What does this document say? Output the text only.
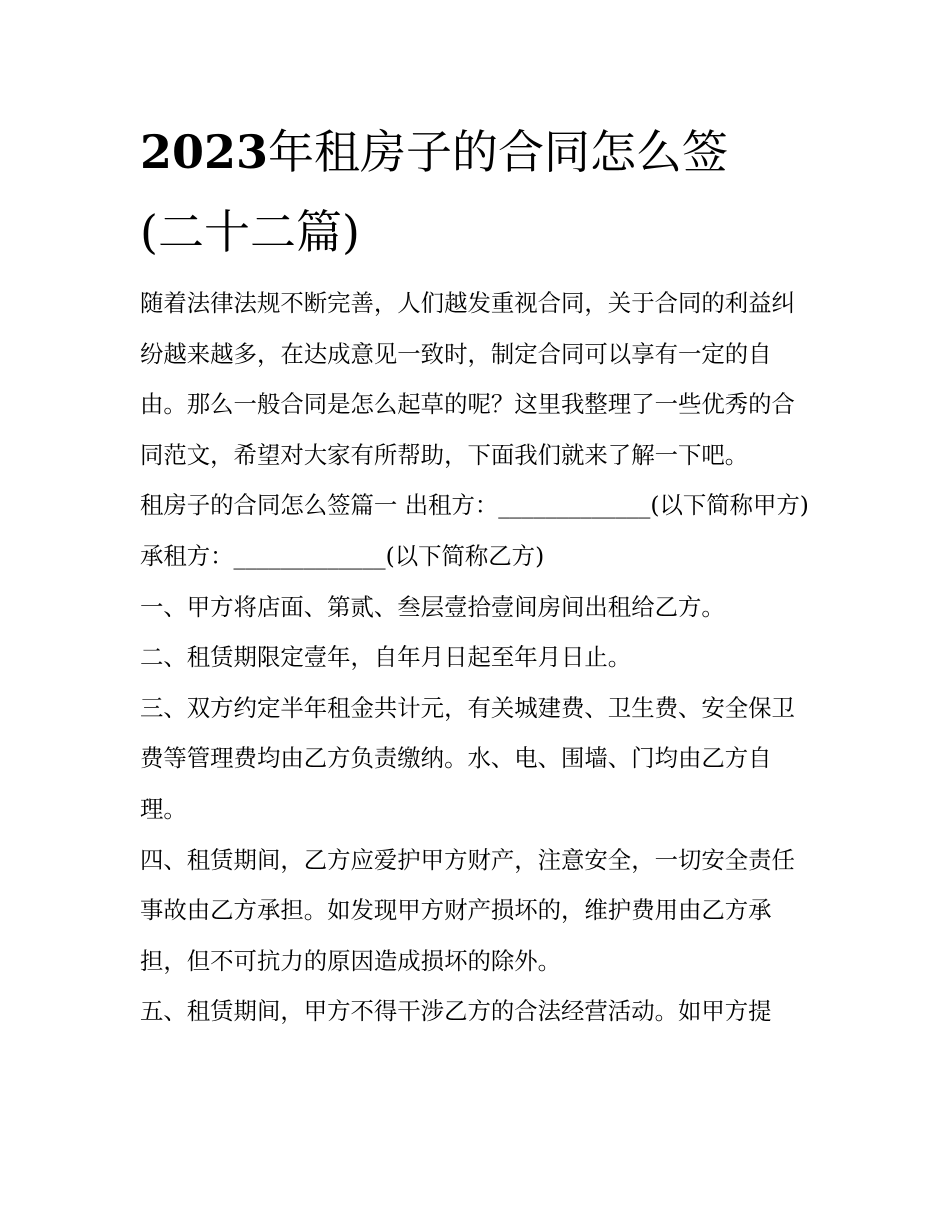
2023年租房子的合同怎么签
(二十二篇)

随着法律法规不断完善，人们越发重视合同，关于合同的利益纠纷越来越多，在达成意见一致时，制定合同可以享有一定的自由。那么一般合同是怎么起草的呢？这里我整理了一些优秀的合同范文，希望对大家有所帮助，下面我们就来了解一下吧。

租房子的合同怎么签篇一 出租方：_____________(以下简称甲方) 承租方：_____________(以下简称乙方)

一、甲方将店面、第贰、叁层壹拾壹间房间出租给乙方。

二、租赁期限定壹年，自年月日起至年月日止。

三、双方约定半年租金共计元，有关城建费、卫生费、安全保卫费等管理费均由乙方负责缴纳。水、电、围墙、门均由乙方自理。

四、租赁期间，乙方应爱护甲方财产，注意安全，一切安全责任事故由乙方承担。如发现甲方财产损坏的，维护费用由乙方承担，但不可抗力的原因造成损坏的除外。

五、租赁期间，甲方不得干涉乙方的合法经营活动。如甲方提
